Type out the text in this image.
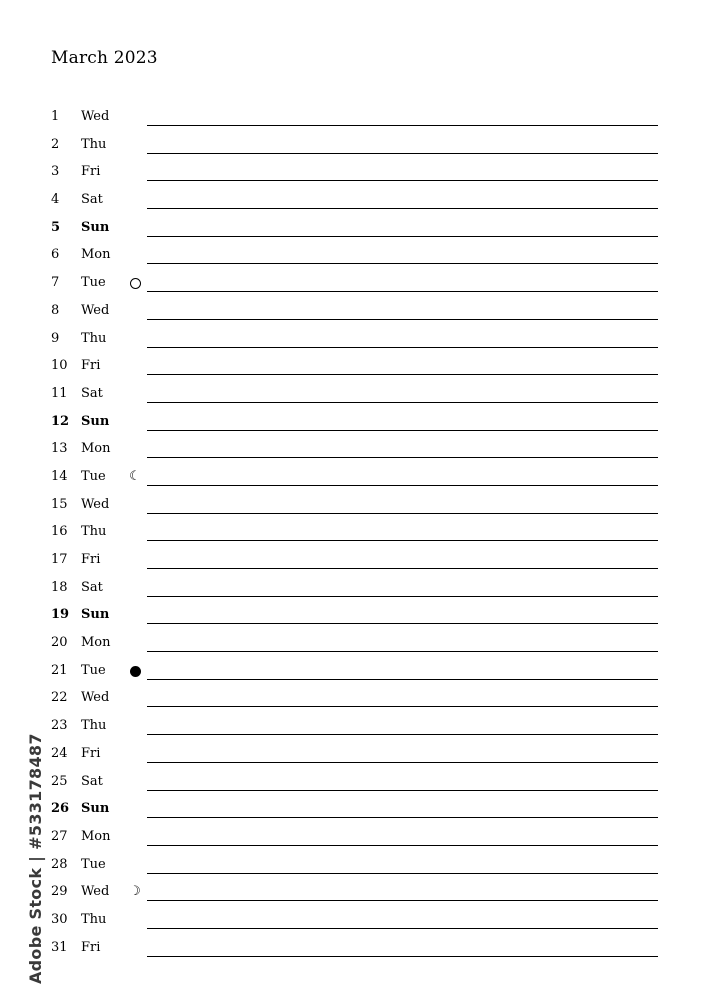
March 2023
1 Wed
2 Thu
3 Fri
4 Sat
5 Sun
6 Mon
7 Tue
8 Wed
9 Thu
10 Fri
11 Sat
12 Sun
13 Mon
14 Tue ☾
15 Wed
16 Thu
17 Fri
18 Sat
19 Sun
20 Mon
21 Tue
22 Wed
23 Thu
24 Fri
25 Sat
26 Sun
27 Mon
28 Tue
29 Wed ☽
30 Thu
31 Fri
Adobe Stock | #533178487
